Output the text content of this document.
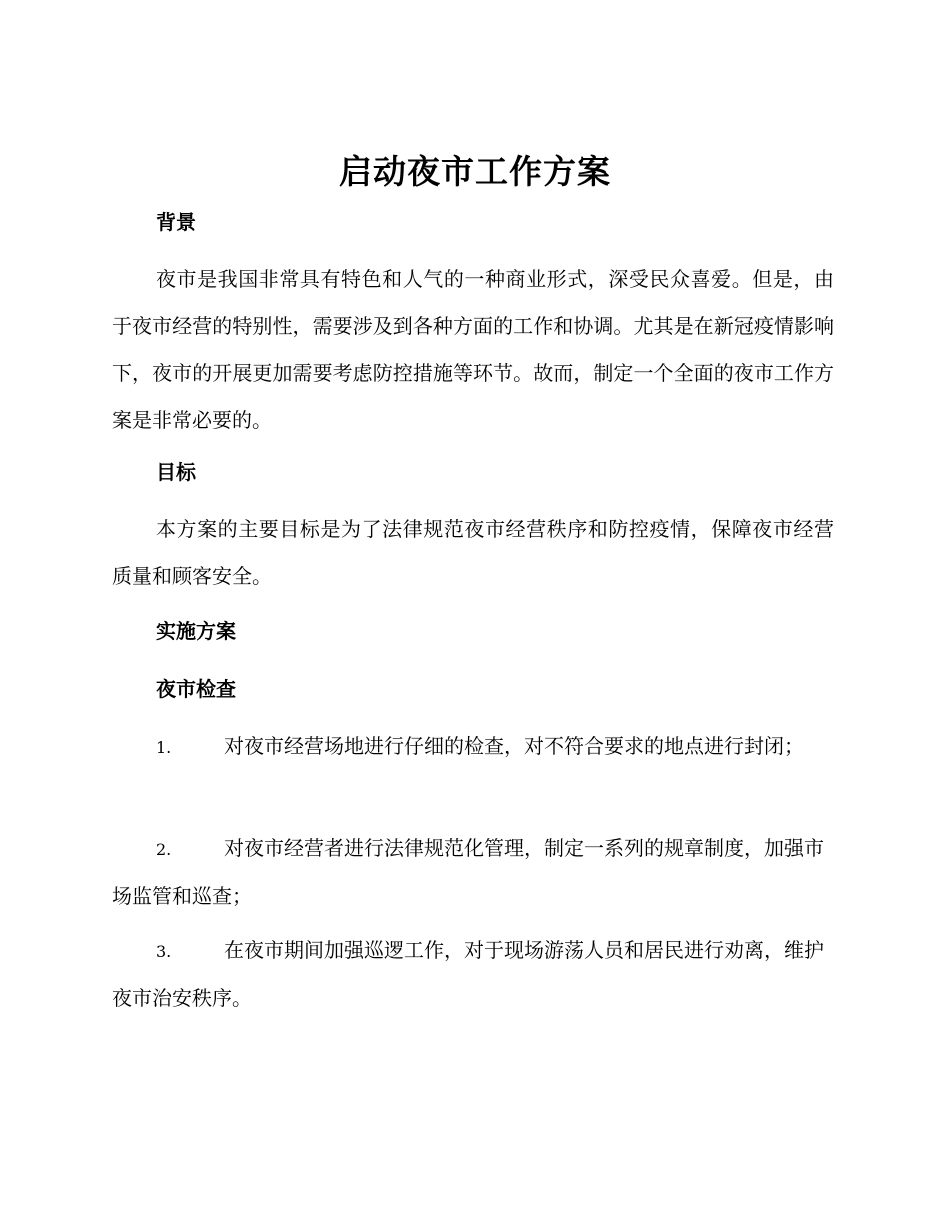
启动夜市工作方案
背景

夜市是我国非常具有特色和人气的一种商业形式，深受民众喜爱。但是，由于夜市经营的特别性，需要涉及到各种方面的工作和协调。尤其是在新冠疫情影响下，夜市的开展更加需要考虑防控措施等环节。故而，制定一个全面的夜市工作方案是非常必要的。

目标

本方案的主要目标是为了法律规范夜市经营秩序和防控疫情，保障夜市经营质量和顾客安全。

实施方案
夜市检查

1.	对夜市经营场地进行仔细的检查，对不符合要求的地点进行封闭；

2.	对夜市经营者进行法律规范化管理，制定一系列的规章制度，加强市场监管和巡查；

3.	在夜市期间加强巡逻工作，对于现场游荡人员和居民进行劝离，维护夜市治安秩序。
